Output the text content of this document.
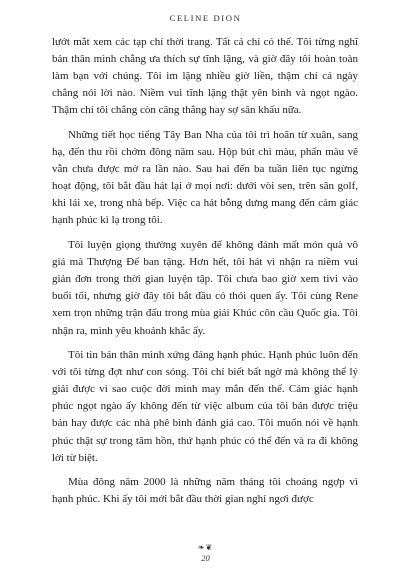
CELINE DION

lướt mắt xem các tạp chí thời trang. Tất cả chỉ có thế. Tôi từng nghĩ bản thân mình chẳng ưa thích sự tĩnh lặng, và giờ đây tôi hoàn toàn làm bạn với chúng. Tôi im lặng nhiều giờ liền, thậm chí cả ngày chẳng nói lời nào. Niềm vui tĩnh lặng thật yên bình và ngọt ngào. Thậm chí tôi chẳng còn căng thẳng hay sợ sân khấu nữa.

Những tiết học tiếng Tây Ban Nha của tôi trì hoãn từ xuân, sang hạ, đến thu rồi chớm đông năm sau. Hộp bút chì màu, phấn màu vẽ vẫn chưa được mở ra lần nào. Sau hai đến ba tuần liên tục ngừng hoạt động, tôi bắt đầu hát lại ở mọi nơi: dưới vòi sen, trên sân golf, khi lái xe, trong nhà bếp. Việc ca hát bỗng dưng mang đến cảm giác hạnh phúc kì lạ trong tôi.

Tôi luyện giọng thường xuyên để không đánh mất món quà vô giá mà Thượng Đế ban tặng. Hơn hết, tôi hát vì nhận ra niềm vui giản đơn trong thời gian luyện tập. Tôi chưa bao giờ xem tivi vào buổi tối, nhưng giờ đây tôi bắt đầu có thói quen ấy. Tôi cùng Rene xem trọn những trận đấu trong mùa giải Khúc côn cầu Quốc gia. Tôi nhận ra, mình yêu khoảnh khắc ấy.

Tôi tin bản thân mình xứng đáng hạnh phúc. Hạnh phúc luôn đến với tôi từng đợt như con sóng. Tôi chỉ biết bất ngờ mà không thể lý giải được vì sao cuộc đời mình may mắn đến thế. Cảm giác hạnh phúc ngọt ngào ấy không đến từ việc album của tôi bán được triệu bản hay được các nhà phê bình đánh giá cao. Tôi muốn nói về hạnh phúc thật sự trong tâm hồn, thứ hạnh phúc có thể đến và ra đi không lời từ biệt.

Mùa đông năm 2000 là những năm tháng tôi choáng ngợp vì hạnh phúc. Khi ấy tôi mới bắt đầu thời gian nghỉ ngơi được

❧❦
20
